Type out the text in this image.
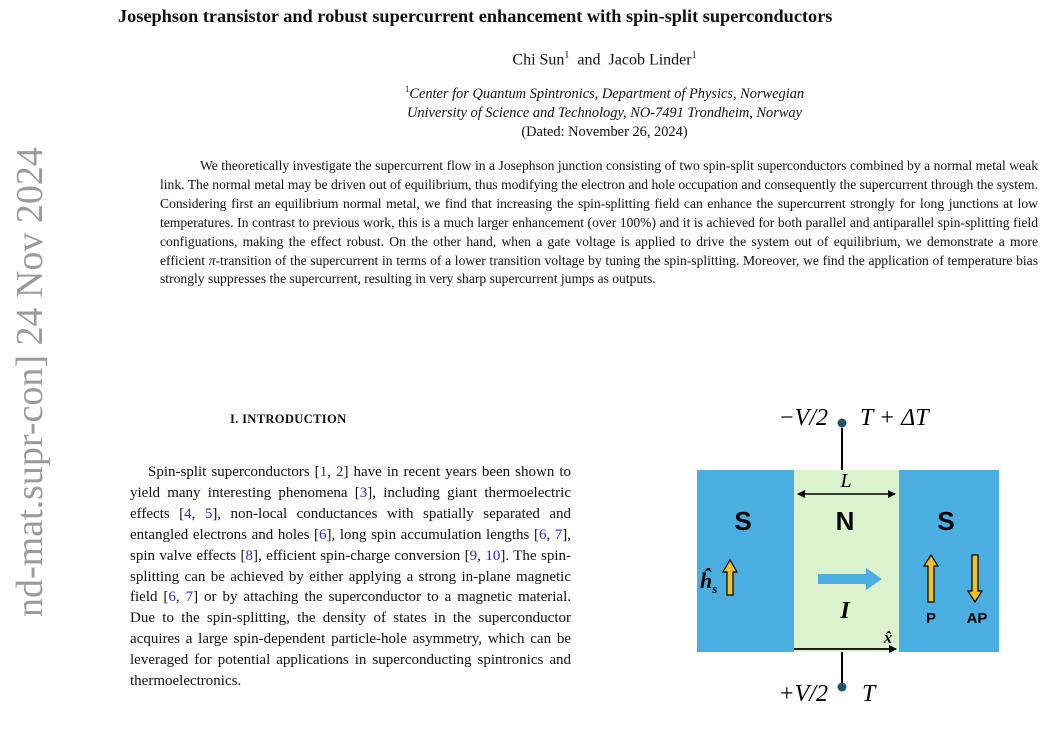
nd-mat.supr-con] 24 Nov 2024
Josephson transistor and robust supercurrent enhancement with spin-split superconductors
Chi Sun$^1$ and Jacob Linder$^1$
$^1$Center for Quantum Spintronics, Department of Physics, Norwegian
University of Science and Technology, NO-7491 Trondheim, Norway
(Dated: November 26, 2024)
We theoretically investigate the supercurrent flow in a Josephson junction consisting of two spin-split superconductors combined by a normal metal weak link. The normal metal may be driven out of equilibrium, thus modifying the electron and hole occupation and consequently the supercurrent through the system. Considering first an equilibrium normal metal, we find that increasing the spin-splitting field can enhance the supercurrent strongly for long junctions at low temperatures. In contrast to previous work, this is a much larger enhancement (over 100%) and it is achieved for both parallel and antiparallel spin-splitting field configuations, making the effect robust. On the other hand, when a gate voltage is applied to drive the system out of equilibrium, we demonstrate a more efficient π-transition of the supercurrent in terms of a lower transition voltage by tuning the spin-splitting. Moreover, we find the application of temperature bias strongly suppresses the supercurrent, resulting in very sharp supercurrent jumps as outputs.
I. INTRODUCTION
Spin-split superconductors [1, 2] have in recent years been shown to yield many interesting phenomena [3], including giant thermoelectric effects [4, 5], non-local conductances with spatially separated and entangled electrons and holes [6], long spin accumulation lengths [6, 7], spin valve effects [8], efficient spin-charge conversion [9, 10]. The spin-splitting can be achieved by either applying a strong in-plane magnetic field [6, 7] or by attaching the superconductor to a magnetic material. Due to the spin-splitting, the density of states in the superconductor acquires a large spin-dependent particle-hole asymmetry, which can be leveraged for potential applications in superconducting spintronics and thermoelectronics.
−V/2 T + ΔT
S	N	S
L
$ĥ_s$
I	P AP
x̂
+V/2 T
